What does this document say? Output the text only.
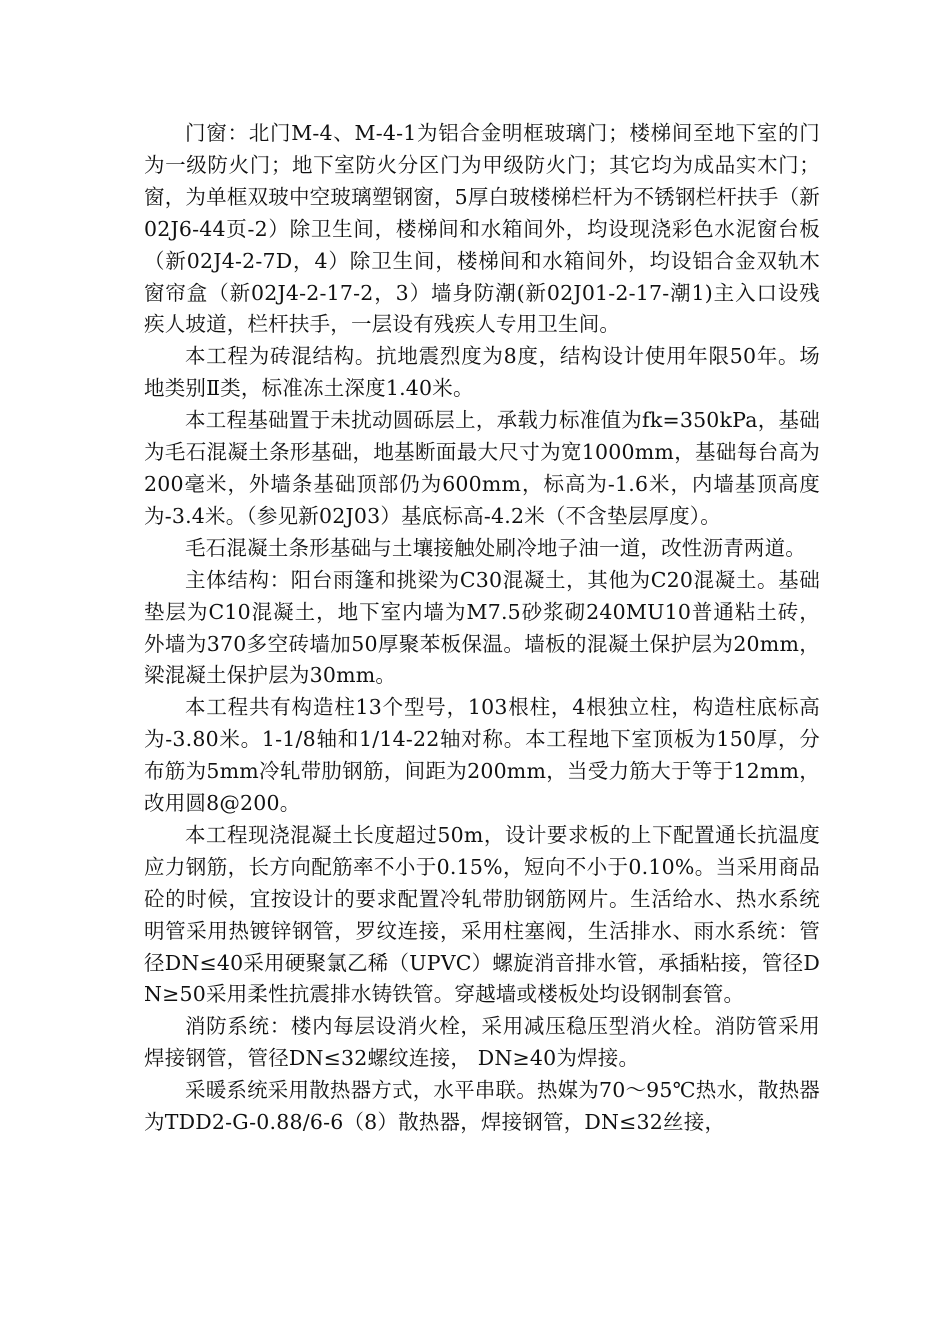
门窗：北门M-4、M-4-1为铝合金明框玻璃门；楼梯间至地下室的门为一级防火门；地下室防火分区门为甲级防火门；其它均为成品实木门；窗，为单框双玻中空玻璃塑钢窗，5厚白玻楼梯栏杆为不锈钢栏杆扶手（新02J6-44页-2）除卫生间，楼梯间和水箱间外，均设现浇彩色水泥窗台板（新02J4-2-7D，4）除卫生间，楼梯间和水箱间外，均设铝合金双轨木窗帘盒（新02J4-2-17-2，3）墙身防潮(新02J01-2-17-潮1)主入口设残疾人坡道，栏杆扶手，一层设有残疾人专用卫生间。

本工程为砖混结构。抗地震烈度为8度，结构设计使用年限50年。场地类别Ⅱ类，标准冻土深度1.40米。

本工程基础置于未扰动圆砾层上，承载力标准值为fk=350kPa，基础为毛石混凝土条形基础，地基断面最大尺寸为宽1000mm，基础每台高为200毫米，外墙条基础顶部仍为600mm，标高为-1.6米，内墙基顶高度为-3.4米。（参见新02J03）基底标高-4.2米（不含垫层厚度）。

毛石混凝土条形基础与土壤接触处刷冷地子油一道，改性沥青两道。

主体结构：阳台雨篷和挑梁为C30混凝土，其他为C20混凝土。基础垫层为C10混凝土，地下室内墙为M7.5砂浆砌240MU10普通粘土砖，外墙为370多空砖墙加50厚聚苯板保温。墙板的混凝土保护层为20mm，梁混凝土保护层为30mm。

本工程共有构造柱13个型号，103根柱，4根独立柱，构造柱底标高为-3.80米。1-1/8轴和1/14-22轴对称。本工程地下室顶板为150厚，分布筋为5mm冷轧带肋钢筋，间距为200mm，当受力筋大于等于12mm，改用圆8@200。

本工程现浇混凝土长度超过50m，设计要求板的上下配置通长抗温度应力钢筋，长方向配筋率不小于0.15%，短向不小于0.10%。当采用商品砼的时候，宜按设计的要求配置冷轧带肋钢筋网片。生活给水、热水系统明管采用热镀锌钢管，罗纹连接，采用柱塞阀，生活排水、雨水系统：管径DN≤40采用硬聚氯乙稀（UPVC）螺旋消音排水管，承插粘接，管径DN≥50采用柔性抗震排水铸铁管。穿越墙或楼板处均设钢制套管。

消防系统：楼内每层设消火栓，采用减压稳压型消火栓。消防管采用焊接钢管，管径DN≤32螺纹连接， DN≥40为焊接。

采暖系统采用散热器方式，水平串联。热媒为70～95℃热水，散热器为TDD2-G-0.88/6-6（8）散热器，焊接钢管，DN≤32丝接，
